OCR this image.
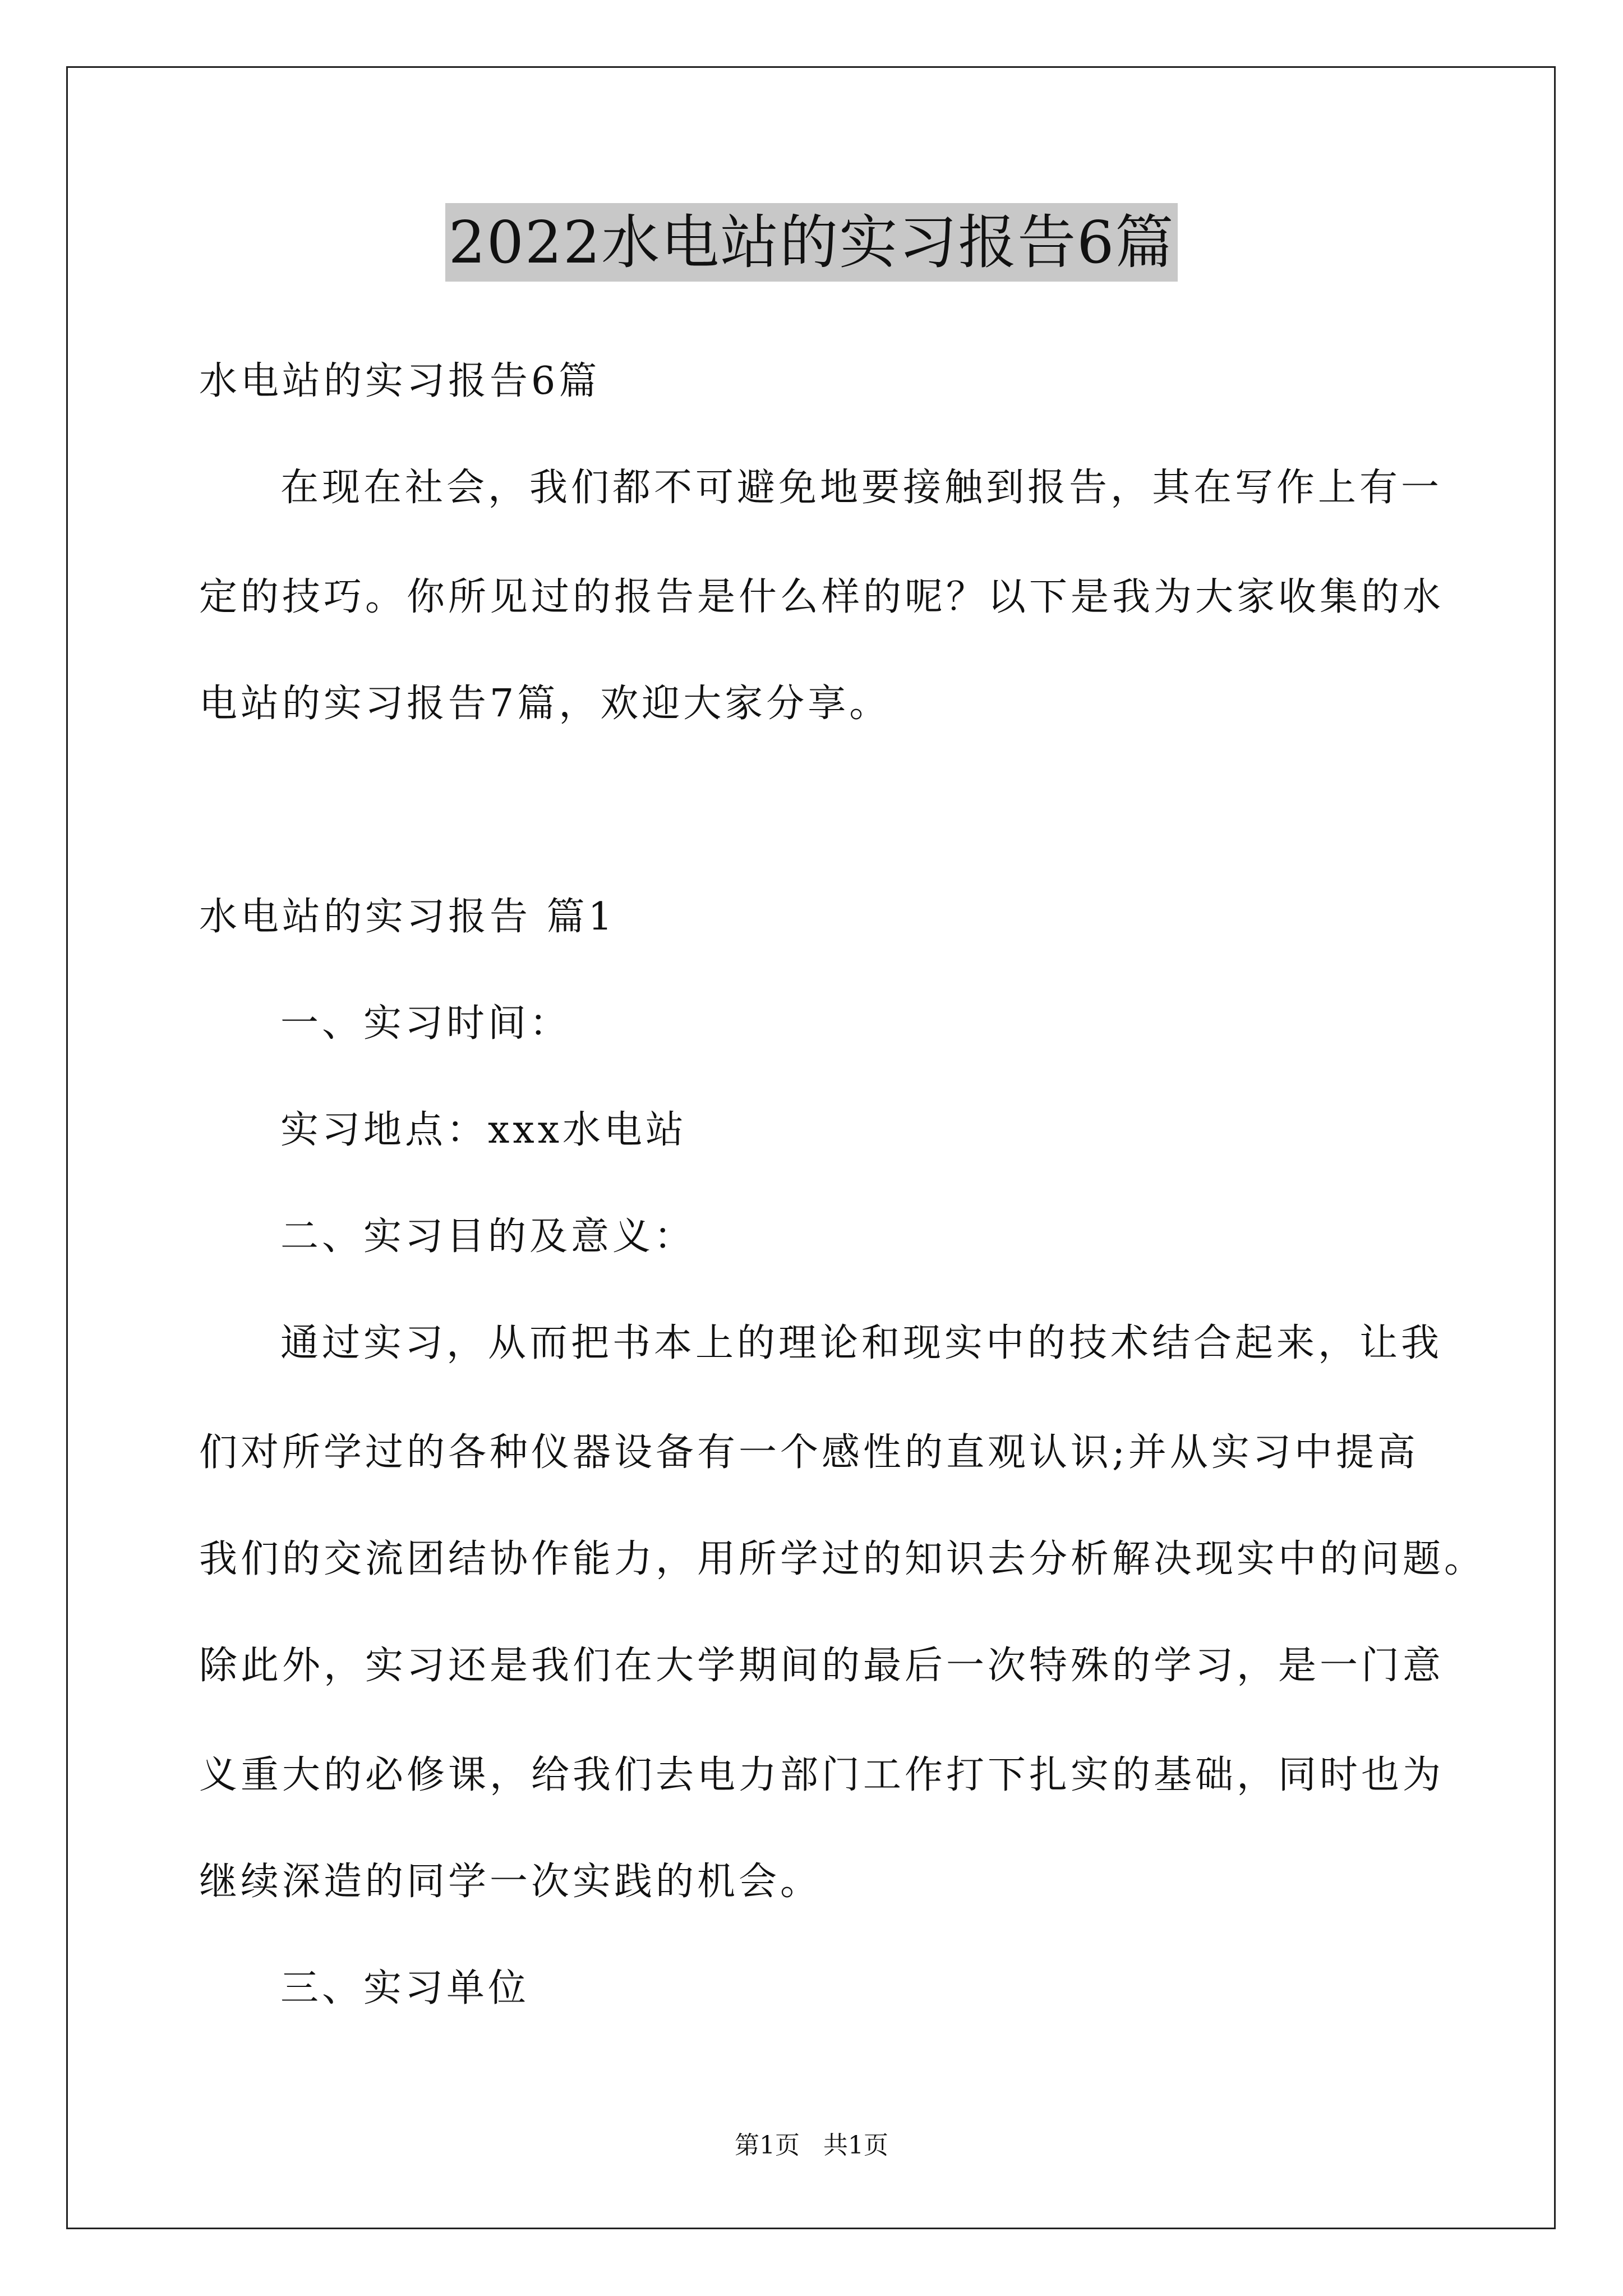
2022水电站的实习报告6篇
水电站的实习报告6篇
在现在社会，我们都不可避免地要接触到报告，其在写作上有一
定的技巧。你所见过的报告是什么样的呢？以下是我为大家收集的水
电站的实习报告7篇，欢迎大家分享。
水电站的实习报告 篇1
一、实习时间：
实习地点：xxx水电站
二、实习目的及意义：
通过实习，从而把书本上的理论和现实中的技术结合起来，让我
们对所学过的各种仪器设备有一个感性的直观认识;并从实习中提高
我们的交流团结协作能力，用所学过的知识去分析解决现实中的问题。
除此外，实习还是我们在大学期间的最后一次特殊的学习，是一门意
义重大的必修课，给我们去电力部门工作打下扎实的基础，同时也为
继续深造的同学一次实践的机会。
三、实习单位
第1页   共1页
